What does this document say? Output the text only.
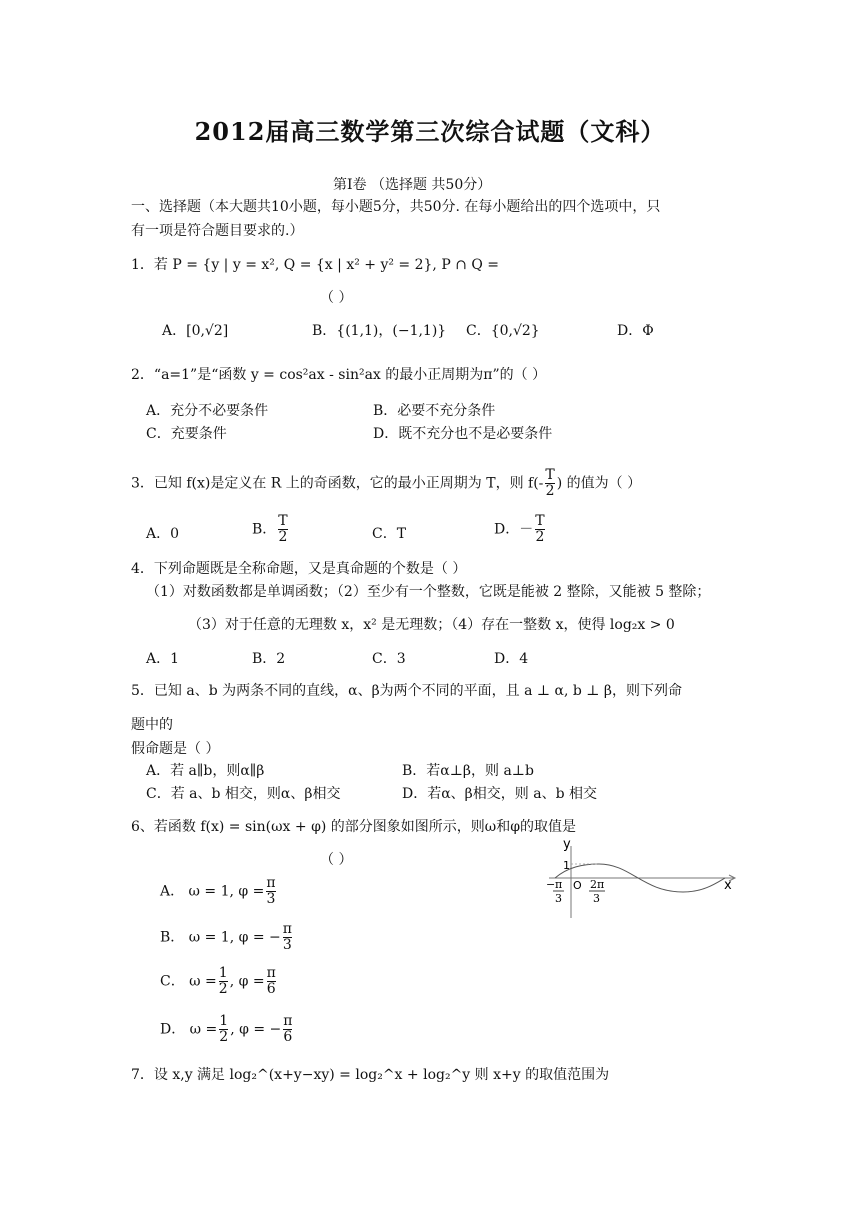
2012届高三数学第三次综合试题（文科）
第Ⅰ卷 （选择题 共50分）
一、选择题（本大题共10小题，每小题5分，共50分. 在每小题给出的四个选项中，只
有一项是符合题目要求的.）
1．若 P = {y | y = x², Q = {x | x² + y² = 2}, P ∩ Q =
（ ）
A．[0,√2]	B．{(1,1)，(−1,1)} C．{0,√2}	D．Φ
2．“a=1”是“函数 y = cos²ax - sin²ax 的最小正周期为π”的（ ）
A．充分不必要条件	B．必要不充分条件
C．充要条件	D．既不充分也不是必要条件
3．已知 f(x)是定义在 R 上的奇函数，它的最小正周期为 T，则 $f(- \frac{T}{2}$ ) 的值为（ ）
A．0	B． $\frac{T}{2}$	C．T	D．－ $\frac{T}{2}$
4．下列命题既是全称命题，又是真命题的个数是（ ）
（1）对数函数都是单调函数；（2）至少有一个整数，它既是能被 2 整除，又能被 5 整除；
（3）对于任意的无理数 x，x² 是无理数；（4）存在一整数 x，使得 log₂x > 0
A．1	B．2	C．3	D．4
5．已知 a、b 为两条不同的直线，α、β为两个不同的平面，且 a ⊥ α, b ⊥ β，则下列命
题中的
假命题是（ ）
A．若 a∥b，则α∥β	B．若α⊥β，则 a⊥b
C．若 a、b 相交，则α、β相交	D．若α、β相交，则 a、b 相交
6、若函数 f(x) = sin(ωx + φ) 的部分图象如图所示，则ω和φ的取值是
（ ）
A． ω = 1, $\varphi = \frac{\pi}{3}$
B． ω = 1, φ = − $\frac{\pi}{3}$
C． $\omega = \frac{1}{2}$ , $\varphi = \frac{\pi}{6}$
D． $\omega = \frac{1}{2}$ , φ = − $\frac{\pi}{6}$
y
1
O
− π
3
2π
3
x
7．设 x,y 满足 log₂^(x+y−xy) = log₂^x + log₂^y 则 x+y 的取值范围为
